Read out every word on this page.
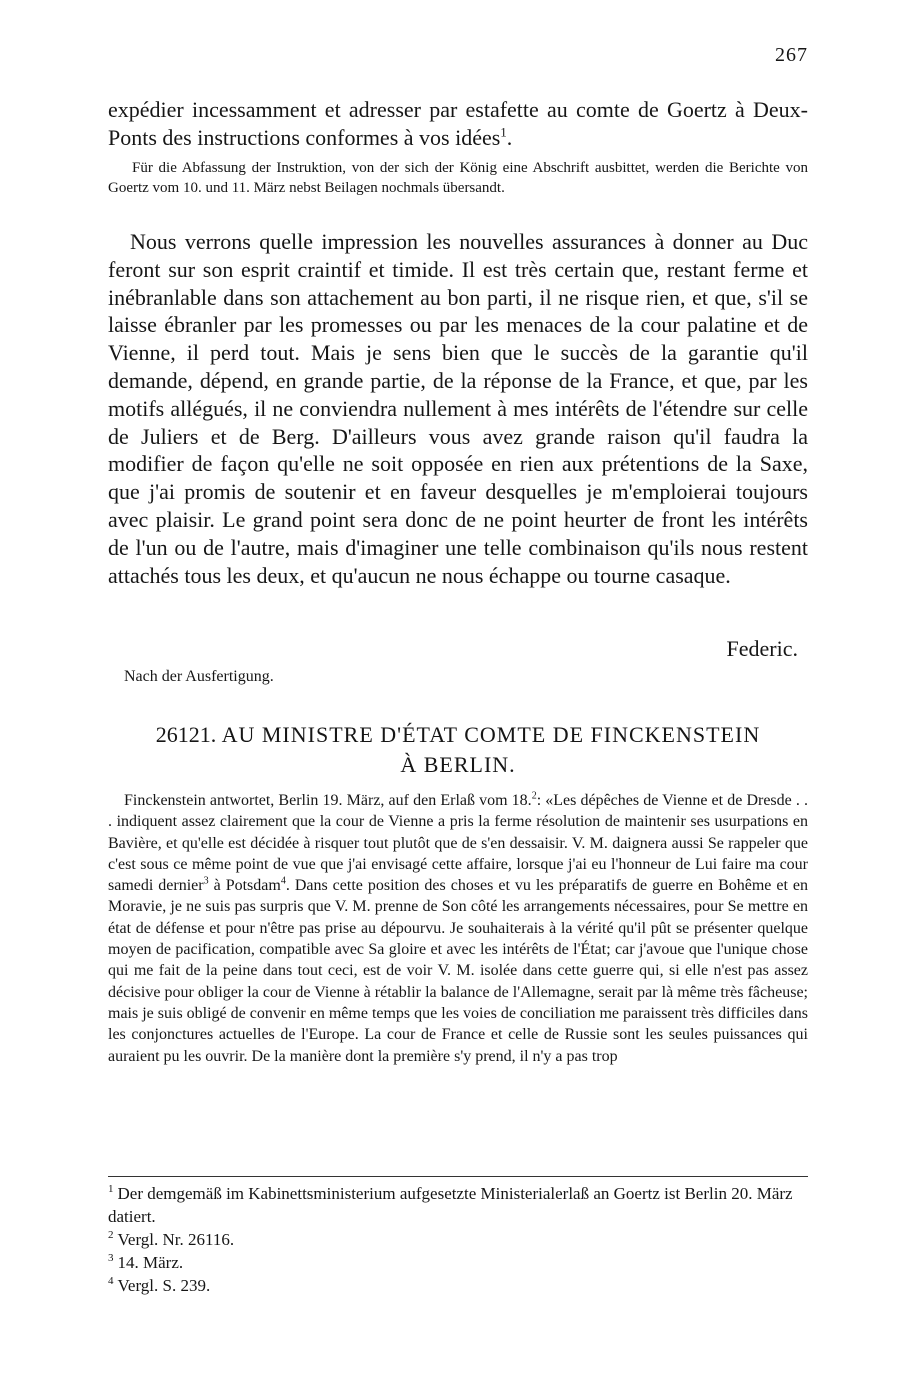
267

expédier incessamment et adresser par estafette au comte de Goertz à Deux-Ponts des instructions conformes à vos idées$^1$.

Für die Abfassung der Instruktion, von der sich der König eine Abschrift ausbittet, werden die Berichte von Goertz vom 10. und 11. März nebst Beilagen nochmals übersandt.

Nous verrons quelle impression les nouvelles assurances à donner au Duc feront sur son esprit craintif et timide. Il est très certain que, restant ferme et inébranlable dans son attachement au bon parti, il ne risque rien, et que, s'il se laisse ébranler par les promesses ou par les menaces de la cour palatine et de Vienne, il perd tout. Mais je sens bien que le succès de la garantie qu'il demande, dépend, en grande partie, de la réponse de la France, et que, par les motifs allégués, il ne conviendra nullement à mes intérêts de l'étendre sur celle de Juliers et de Berg. D'ailleurs vous avez grande raison qu'il faudra la modifier de façon qu'elle ne soit opposée en rien aux prétentions de la Saxe, que j'ai promis de soutenir et en faveur desquelles je m'emploierai toujours avec plaisir. Le grand point sera donc de ne point heurter de front les intérêts de l'un ou de l'autre, mais d'imaginer une telle combinaison qu'ils nous restent attachés tous les deux, et qu'aucun ne nous échappe ou tourne casaque.

Federic.
Nach der Ausfertigung.
26121. AU MINISTRE D'ÉTAT COMTE DE FINCKENSTEIN
À BERLIN.

Finckenstein antwortet, Berlin 19. März, auf den Erlaß vom 18.$^2$: «Les dépêches de Vienne et de Dresde . . . indiquent assez clairement que la cour de Vienne a pris la ferme résolution de maintenir ses usurpations en Bavière, et qu'elle est décidée à risquer tout plutôt que de s'en dessaisir. V. M. daignera aussi Se rappeler que c'est sous ce même point de vue que j'ai envisagé cette affaire, lorsque j'ai eu l'honneur de Lui faire ma cour samedi dernier$^3$ à Potsdam$^4$. Dans cette position des choses et vu les préparatifs de guerre en Bohême et en Moravie, je ne suis pas surpris que V. M. prenne de Son côté les arrangements nécessaires, pour Se mettre en état de défense et pour n'être pas prise au dépourvu. Je souhaiterais à la vérité qu'il pût se présenter quelque moyen de pacification, compatible avec Sa gloire et avec les intérêts de l'État; car j'avoue que l'unique chose qui me fait de la peine dans tout ceci, est de voir V. M. isolée dans cette guerre qui, si elle n'est pas assez décisive pour obliger la cour de Vienne à rétablir la balance de l'Allemagne, serait par là même très fâcheuse; mais je suis obligé de convenir en même temps que les voies de conciliation me paraissent très difficiles dans les conjonctures actuelles de l'Europe. La cour de France et celle de Russie sont les seules puissances qui auraient pu les ouvrir. De la manière dont la première s'y prend, il n'y a pas trop

$^1$ Der demgemäß im Kabinettsministerium aufgesetzte Ministerialerlaß an Goertz ist Berlin 20. März datiert.

$^2$ Vergl. Nr. 26116.

$^3$ 14. März.

$^4$ Vergl. S. 239.
